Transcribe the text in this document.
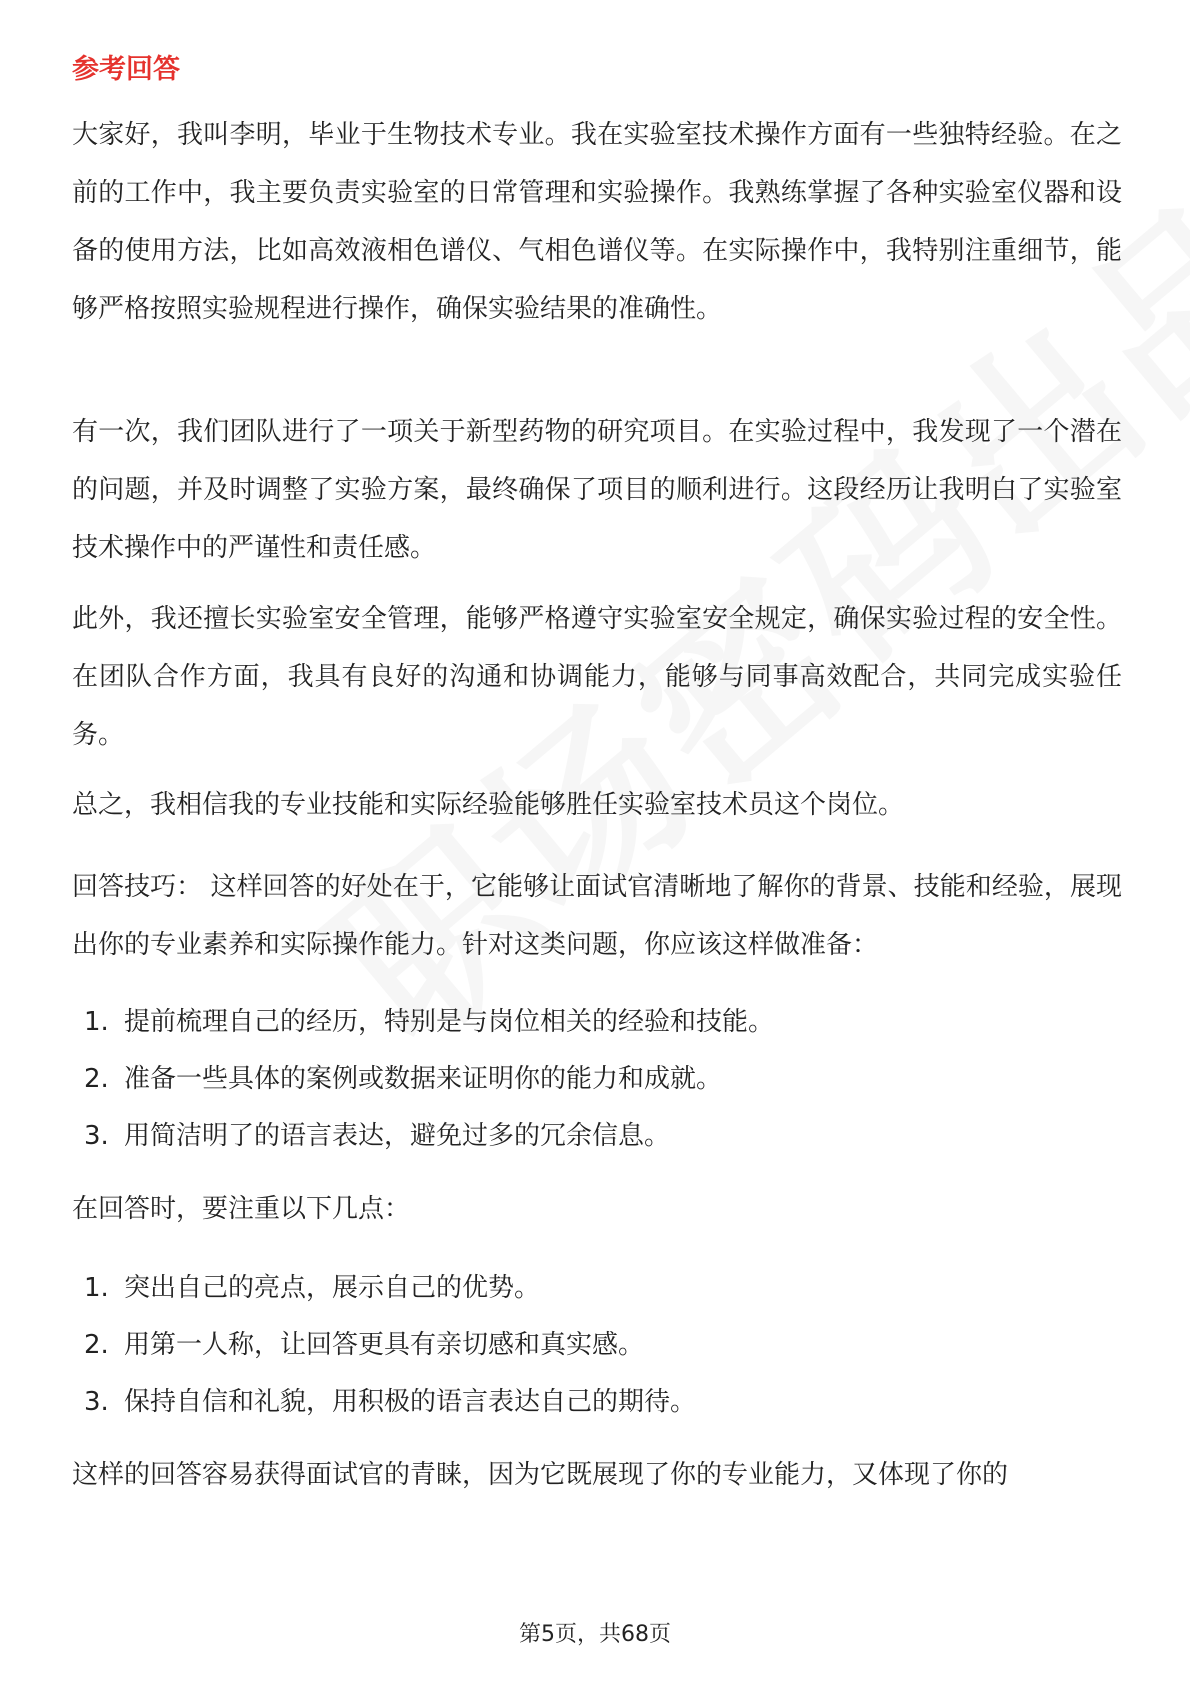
参考回答

大家好，我叫李明，毕业于生物技术专业。我在实验室技术操作方面有一些独特经验。在之前的工作中，我主要负责实验室的日常管理和实验操作。我熟练掌握了各种实验室仪器和设备的使用方法，比如高效液相色谱仪、气相色谱仪等。在实际操作中，我特别注重细节，能够严格按照实验规程进行操作，确保实验结果的准确性。

有一次，我们团队进行了一项关于新型药物的研究项目。在实验过程中，我发现了一个潜在的问题，并及时调整了实验方案，最终确保了项目的顺利进行。这段经历让我明白了实验室技术操作中的严谨性和责任感。

此外，我还擅长实验室安全管理，能够严格遵守实验室安全规定，确保实验过程的安全性。在团队合作方面，我具有良好的沟通和协调能力，能够与同事高效配合，共同完成实验任务。

总之，我相信我的专业技能和实际经验能够胜任实验室技术员这个岗位。

回答技巧： 这样回答的好处在于，它能够让面试官清晰地了解你的背景、技能和经验，展现出你的专业素养和实际操作能力。针对这类问题，你应该这样做准备：

1. 提前梳理自己的经历，特别是与岗位相关的经验和技能。
2. 准备一些具体的案例或数据来证明你的能力和成就。
3. 用简洁明了的语言表达，避免过多的冗余信息。

在回答时，要注重以下几点：

1. 突出自己的亮点，展示自己的优势。
2. 用第一人称，让回答更具有亲切感和真实感。
3. 保持自信和礼貌，用积极的语言表达自己的期待。

这样的回答容易获得面试官的青睐，因为它既展现了你的专业能力，又体现了你的

第5页，共68页
